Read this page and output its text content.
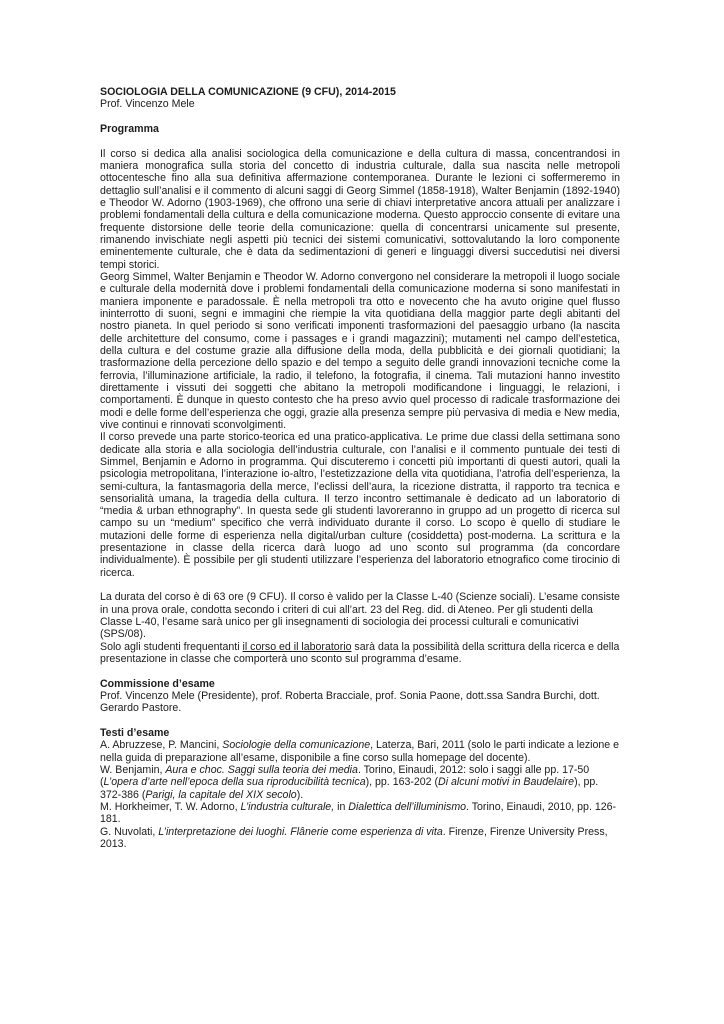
SOCIOLOGIA DELLA COMUNICAZIONE (9 CFU), 2014-2015
Prof. Vincenzo Mele
Programma
Il corso si dedica alla analisi sociologica della comunicazione e della cultura di massa, concentrandosi in maniera monografica sulla storia del concetto di industria culturale, dalla sua nascita nelle metropoli ottocentesche fino alla sua definitiva affermazione contemporanea. Durante le lezioni ci soffermeremo in dettaglio sull’analisi e il commento di alcuni saggi di Georg Simmel (1858-1918), Walter Benjamin (1892-1940) e Theodor W. Adorno (1903-1969), che offrono una serie di chiavi interpretative ancora attuali per analizzare i problemi fondamentali della cultura e della comunicazione moderna. Questo approccio consente di evitare una frequente distorsione delle teorie della comunicazione: quella di concentrarsi unicamente sul presente, rimanendo invischiate negli aspetti più tecnici dei sistemi comunicativi, sottovalutando la loro componente eminentemente culturale, che è data da sedimentazioni di generi e linguaggi diversi succedutisi nei diversi tempi storici.
Georg Simmel, Walter Benjamin e Theodor W. Adorno convergono nel considerare la metropoli il luogo sociale e culturale della modernità dove i problemi fondamentali della comunicazione moderna si sono manifestati in maniera imponente e paradossale. È nella metropoli tra otto e novecento che ha avuto origine quel flusso ininterrotto di suoni, segni e immagini che riempie la vita quotidiana della maggior parte degli abitanti del nostro pianeta. In quel periodo si sono verificati imponenti trasformazioni del paesaggio urbano (la nascita delle architetture del consumo, come i passages e i grandi magazzini); mutamenti nel campo dell’estetica, della cultura e del costume grazie alla diffusione della moda, della pubblicità e dei giornali quotidiani; la trasformazione della percezione dello spazio e del tempo a seguito delle grandi innovazioni tecniche come la ferrovia, l’illuminazione artificiale, la radio, il telefono, la fotografia, il cinema. Tali mutazioni hanno investito direttamente i vissuti dei soggetti che abitano la metropoli modificandone i linguaggi, le relazioni, i comportamenti. È dunque in questo contesto che ha preso avvio quel processo di radicale trasformazione dei modi e delle forme dell’esperienza che oggi, grazie alla presenza sempre più pervasiva di media e New media, vive continui e rinnovati sconvolgimenti.
Il corso prevede una parte storico-teorica ed una pratico-applicativa. Le prime due classi della settimana sono dedicate alla storia e alla sociologia dell’industria culturale, con l’analisi e il commento puntuale dei testi di Simmel, Benjamin e Adorno in programma. Qui discuteremo i concetti più importanti di questi autori, quali la psicologia metropolitana, l’interazione io-altro, l’estetizzazione della vita quotidiana, l’atrofia dell’esperienza, la semi-cultura, la fantasmagoria della merce, l’eclissi dell’aura, la ricezione distratta, il rapporto tra tecnica e sensorialità umana, la tragedia della cultura. Il terzo incontro settimanale è dedicato ad un laboratorio di “media & urban ethnography”. In questa sede gli studenti lavoreranno in gruppo ad un progetto di ricerca sul campo su un “medium” specifico che verrà individuato durante il corso. Lo scopo è quello di studiare le mutazioni delle forme di esperienza nella digital/urban culture (cosiddetta) post-moderna. La scrittura e la presentazione in classe della ricerca darà luogo ad uno sconto sul programma (da concordare individualmente). È possibile per gli studenti utilizzare l’esperienza del laboratorio etnografico come tirocinio di ricerca.
La durata del corso è di 63 ore (9 CFU). Il corso è valido per la Classe L-40 (Scienze sociali). L’esame consiste in una prova orale, condotta secondo i criteri di cui all’art. 23 del Reg. did. di Ateneo. Per gli studenti della Classe L-40, l’esame sarà unico per gli insegnamenti di sociologia dei processi culturali e comunicativi (SPS/08).
Solo agli studenti frequentanti il corso ed il laboratorio sarà data la possibilità della scrittura della ricerca e della presentazione in classe che comporterà uno sconto sul programma d’esame.
Commissione d’esame
Prof. Vincenzo Mele (Presidente), prof. Roberta Bracciale, prof. Sonia Paone, dott.ssa Sandra Burchi, dott. Gerardo Pastore.
Testi d’esame
A. Abruzzese, P. Mancini, Sociologie della comunicazione, Laterza, Bari, 2011 (solo le parti indicate a lezione e nella guida di preparazione all’esame, disponibile a fine corso sulla homepage del docente).
W. Benjamin, Aura e choc. Saggi sulla teoria dei media. Torino, Einaudi, 2012: solo i saggi alle pp. 17-50 (L’opera d’arte nell’epoca della sua riproducibilità tecnica), pp. 163-202 (Di alcuni motivi in Baudelaire), pp. 372-386 (Parigi, la capitale del XIX secolo).
M. Horkheimer, T. W. Adorno, L’industria culturale, in Dialettica dell’illuminismo. Torino, Einaudi, 2010, pp. 126-181.
G. Nuvolati, L’interpretazione dei luoghi. Flânerie come esperienza di vita. Firenze, Firenze University Press, 2013.
